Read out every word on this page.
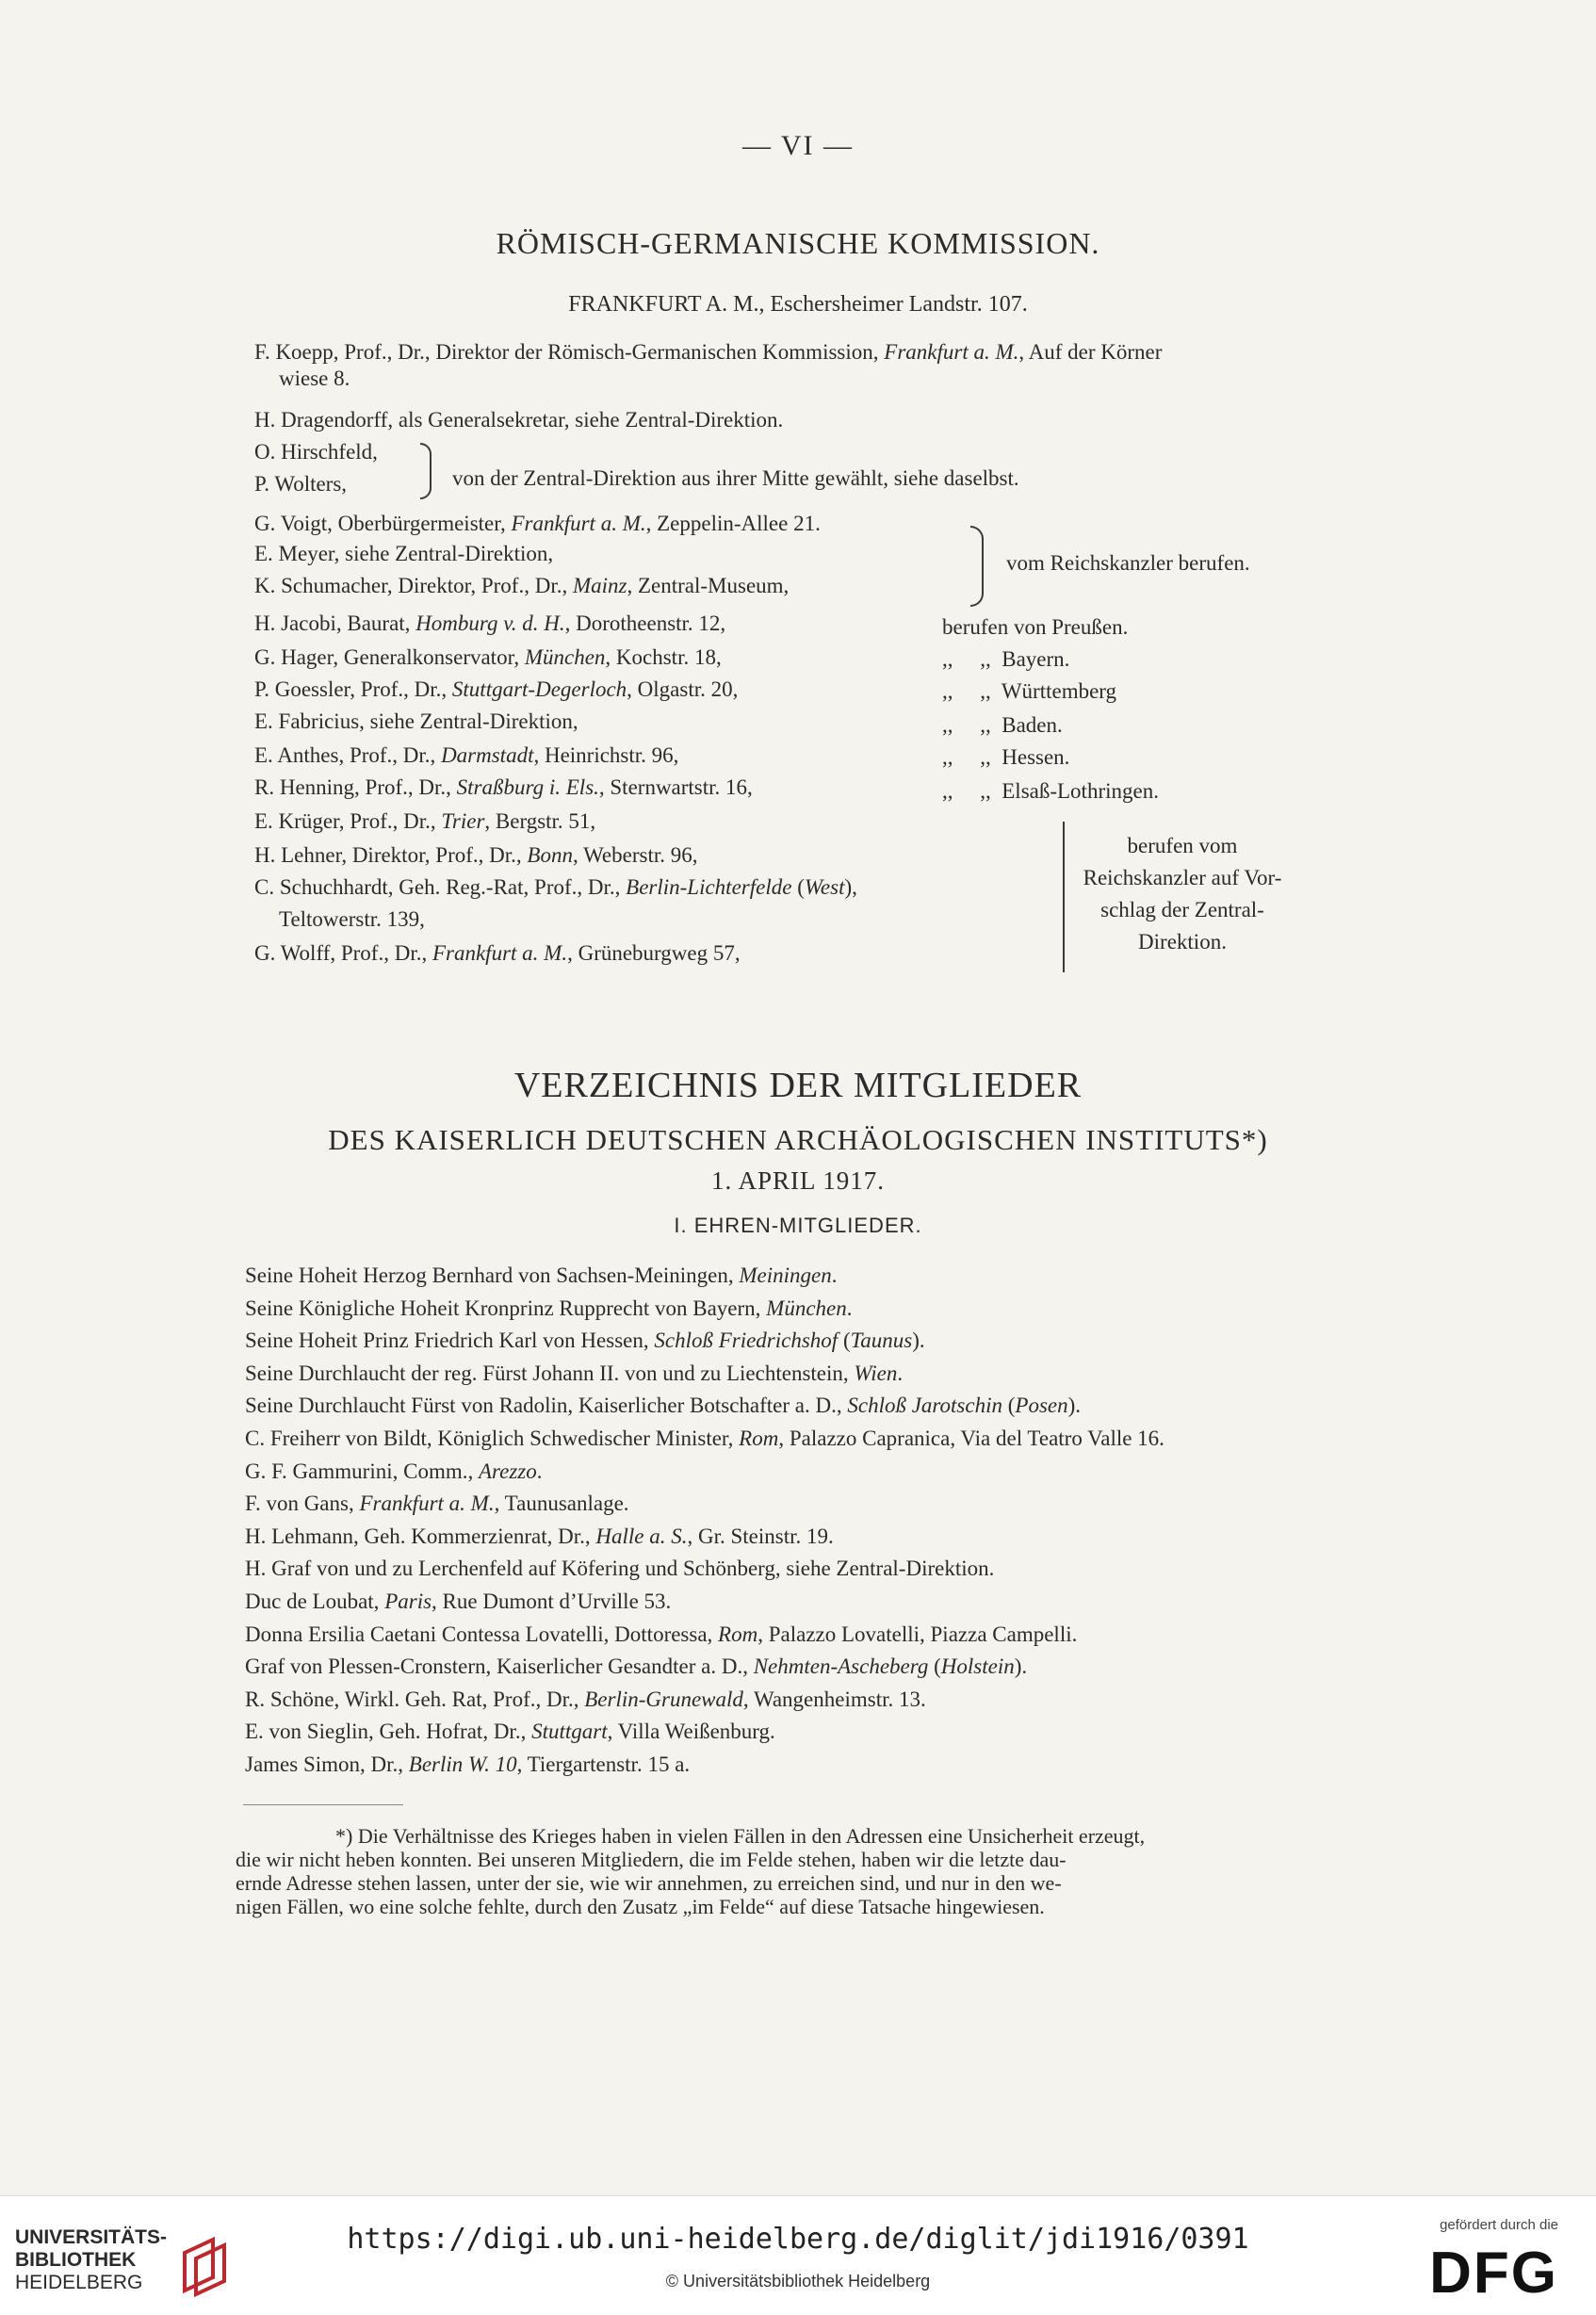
— VI —
RÖMISCH-GERMANISCHE KOMMISSION.
FRANKFURT A. M., Eschersheimer Landstr. 107.
F. Koepp, Prof., Dr., Direktor der Römisch-Germanischen Kommission, Frankfurt a. M., Auf der Körner
wiese 8.
H. Dragendorff, als Generalsekretar, siehe Zentral-Direktion.
O. Hirschfeld,
P. Wolters,
G. Voigt, Oberbürgermeister, Frankfurt a. M., Zeppelin-Allee 21.
E. Meyer, siehe Zentral-Direktion,
K. Schumacher, Direktor, Prof., Dr., Mainz, Zentral-Museum,
H. Jacobi, Baurat, Homburg v. d. H., Dorotheenstr. 12,
G. Hager, Generalkonservator, München, Kochstr. 18,
P. Goessler, Prof., Dr., Stuttgart-Degerloch, Olgastr. 20,
E. Fabricius, siehe Zentral-Direktion,
E. Anthes, Prof., Dr., Darmstadt, Heinrichstr. 96,
R. Henning, Prof., Dr., Straßburg i. Els., Sternwartstr. 16,
E. Krüger, Prof., Dr., Trier, Bergstr. 51,
H. Lehner, Direktor, Prof., Dr., Bonn, Weberstr. 96,
C. Schuchhardt, Geh. Reg.-Rat, Prof., Dr., Berlin-Lichterfelde (West),
Teltowerstr. 139,
G. Wolff, Prof., Dr., Frankfurt a. M., Grüneburgweg 57,
von der Zentral-Direktion aus ihrer Mitte gewählt, siehe daselbst.
vom Reichskanzler berufen.
berufen von Preußen.
,,     ,,  Bayern.
,,     ,,  Württemberg
,,     ,,  Baden.
,,     ,,  Hessen.
,,     ,,  Elsaß-Lothringen.
berufen vom
Reichskanzler auf Vor-
schlag der Zentral-
Direktion.
VERZEICHNIS DER MITGLIEDER
DES KAISERLICH DEUTSCHEN ARCHÄOLOGISCHEN INSTITUTS*)
1. APRIL 1917.
I. EHREN-MITGLIEDER.
Seine Hoheit Herzog Bernhard von Sachsen-Meiningen, Meiningen.
Seine Königliche Hoheit Kronprinz Rupprecht von Bayern, München.
Seine Hoheit Prinz Friedrich Karl von Hessen, Schloß Friedrichshof (Taunus).
Seine Durchlaucht der reg. Fürst Johann II. von und zu Liechtenstein, Wien.
Seine Durchlaucht Fürst von Radolin, Kaiserlicher Botschafter a. D., Schloß Jarotschin (Posen).
C. Freiherr von Bildt, Königlich Schwedischer Minister, Rom, Palazzo Capranica, Via del Teatro Valle 16.
G. F. Gammurini, Comm., Arezzo.
F. von Gans, Frankfurt a. M., Taunusanlage.
H. Lehmann, Geh. Kommerzienrat, Dr., Halle a. S., Gr. Steinstr. 19.
H. Graf von und zu Lerchenfeld auf Köfering und Schönberg, siehe Zentral-Direktion.
Duc de Loubat, Paris, Rue Dumont d’Urville 53.
Donna Ersilia Caetani Contessa Lovatelli, Dottoressa, Rom, Palazzo Lovatelli, Piazza Campelli.
Graf von Plessen-Cronstern, Kaiserlicher Gesandter a. D., Nehmten-Ascheberg (Holstein).
R. Schöne, Wirkl. Geh. Rat, Prof., Dr., Berlin-Grunewald, Wangenheimstr. 13.
E. von Sieglin, Geh. Hofrat, Dr., Stuttgart, Villa Weißenburg.
James Simon, Dr., Berlin W. 10, Tiergartenstr. 15 a.
*) Die Verhältnisse des Krieges haben in vielen Fällen in den Adressen eine Unsicherheit erzeugt,
die wir nicht heben konnten. Bei unseren Mitgliedern, die im Felde stehen, haben wir die letzte dau-
ernde Adresse stehen lassen, unter der sie, wie wir annehmen, zu erreichen sind, und nur in den we-
nigen Fällen, wo eine solche fehlte, durch den Zusatz „im Felde“ auf diese Tatsache hingewiesen.
UNIVERSITÄTS-
BIBLIOTHEK
HEIDELBERG
https://digi.ub.uni-heidelberg.de/diglit/jdi1916/0391
© Universitätsbibliothek Heidelberg
gefördert durch die
DFG
